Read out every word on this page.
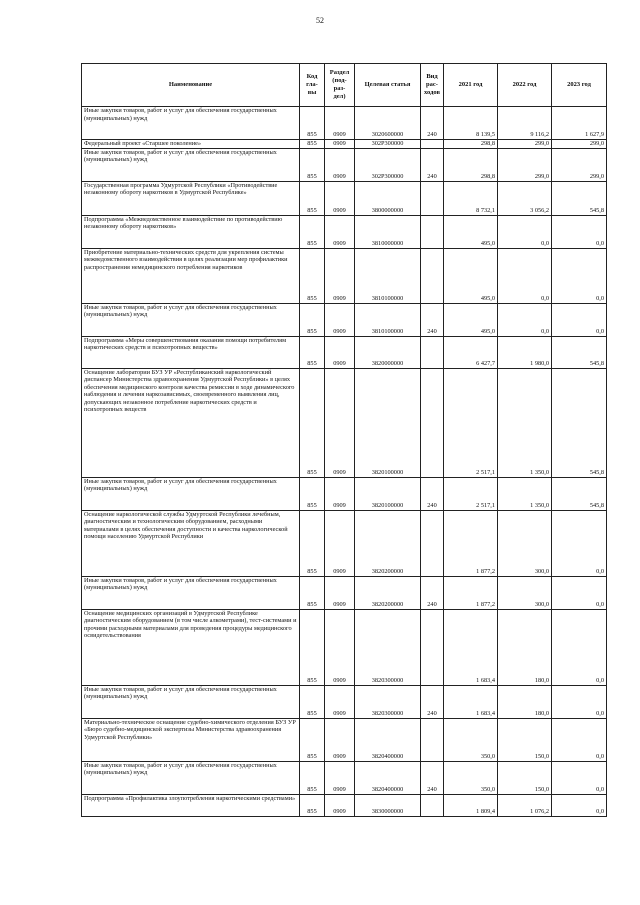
52
Наименование	Код гла- вы	Раздел (под- раз- дел)	Целевая статья	Вид рас- ходов	2021 год	2022 год	2023 год
Иные закупки товаров, работ и услуг для обеспечения государственных (муниципальных) нужд	855	0909	3020600000	240	8 139,5	9 116,2	1 627,9
Федеральный проект «Старшее поколение»	855	0909	302Р300000		298,8	299,0	299,0
Иные закупки товаров, работ и услуг для обеспечения государственных (муниципальных) нужд	855	0909	302Р300000	240	298,8	299,0	299,0
Государственная программа Удмуртской Республики «Противодействие незаконному обороту наркотиков в Удмуртской Республике»	855	0909	3800000000		8 732,1	3 056,2	545,8
Подпрограмма «Межведомственное взаимодействие по противодействию незаконному обороту наркотиков»	855	0909	3810000000		495,0	0,0	0,0
Приобретение материально-технических средств для укрепления системы межведомственного взаимодействия в целях реализации мер профилактики распространения немедицинского потребления наркотиков	855	0909	3810100000		495,0	0,0	0,0
Иные закупки товаров, работ и услуг для обеспечения государственных (муниципальных) нужд	855	0909	3810100000	240	495,0	0,0	0,0
Подпрограмма «Меры совершенствования оказания помощи потребителям наркотических средств и психотропных веществ»	855	0909	3820000000		6 427,7	1 980,0	545,8
Оснащение лаборатории БУЗ УР «Республиканский наркологический диспансер Министерства здравоохранения Удмуртской Республики» в целях обеспечения медицинского контроля качества ремиссии в ходе динамического наблюдения и лечения наркозависимых, своевременного выявления лиц, допускающих незаконное потребление наркотических средств и психотропных веществ	855	0909	3820100000		2 517,1	1 350,0	545,8
Иные закупки товаров, работ и услуг для обеспечения государственных (муниципальных) нужд	855	0909	3820100000	240	2 517,1	1 350,0	545,8
Оснащение наркологической службы Удмуртской Республики лечебным, диагностическим и технологическим оборудованием, расходными материалами в целях обеспечения доступности и качества наркологической помощи населению Удмуртской Республики	855	0909	3820200000		1 877,2	300,0	0,0
Иные закупки товаров, работ и услуг для обеспечения государственных (муниципальных) нужд	855	0909	3820200000	240	1 877,2	300,0	0,0
Оснащение медицинских организаций в Удмуртской Республике диагностическим оборудованием (в том числе алкометрами), тест-системами и прочими расходными материалами для проведения процедуры медицинского освидетельствования	855	0909	3820300000		1 683,4	180,0	0,0
Иные закупки товаров, работ и услуг для обеспечения государственных (муниципальных) нужд	855	0909	3820300000	240	1 683,4	180,0	0,0
Материально-техническое оснащение судебно-химического отделения БУЗ УР «Бюро судебно-медицинской экспертизы Министерства здравоохранения Удмуртской Республики»	855	0909	3820400000		350,0	150,0	0,0
Иные закупки товаров, работ и услуг для обеспечения государственных (муниципальных) нужд	855	0909	3820400000	240	350,0	150,0	0,0
Подпрограмма «Профилактика злоупотребления наркотическими средствами»	855	0909	3830000000		1 809,4	1 076,2	0,0
